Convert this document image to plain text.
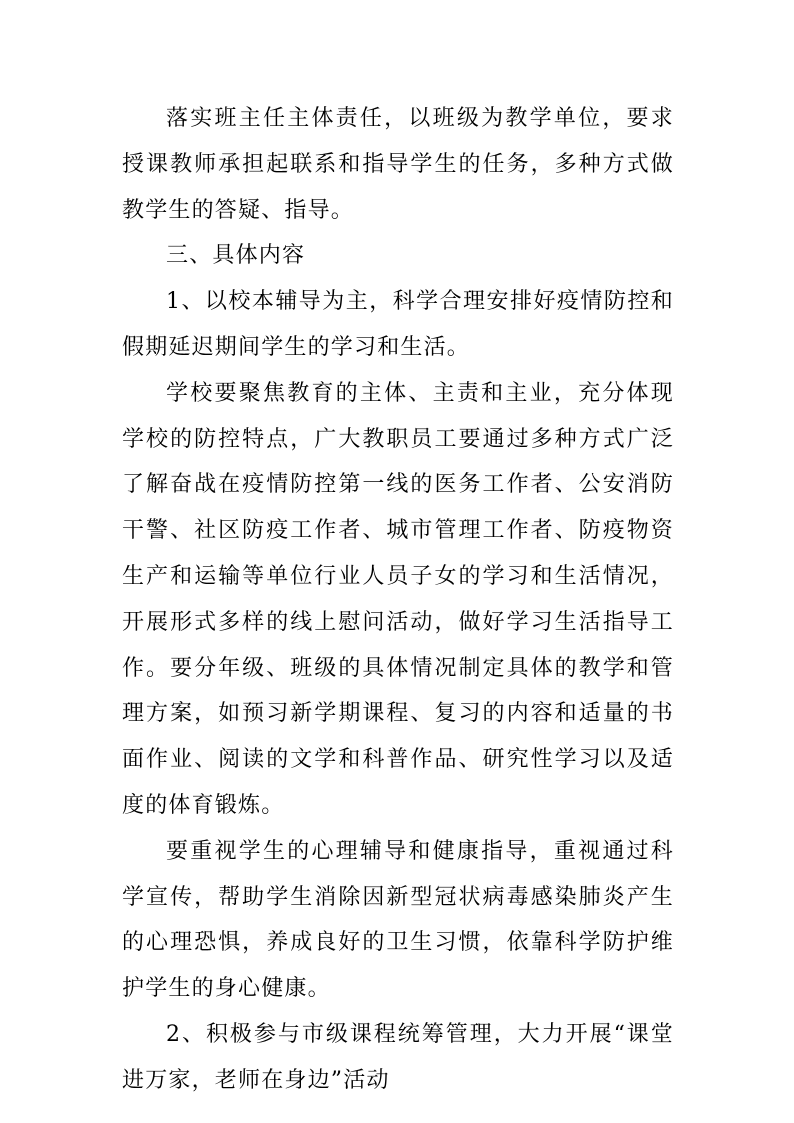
落实班主任主体责任，以班级为教学单位，要求授课教师承担起联系和指导学生的任务，多种方式做教学生的答疑、指导。

三、具体内容

1、以校本辅导为主，科学合理安排好疫情防控和假期延迟期间学生的学习和生活。

学校要聚焦教育的主体、主责和主业，充分体现学校的防控特点，广大教职员工要通过多种方式广泛了解奋战在疫情防控第一线的医务工作者、公安消防干警、社区防疫工作者、城市管理工作者、防疫物资生产和运输等单位行业人员子女的学习和生活情况，开展形式多样的线上慰问活动，做好学习生活指导工作。要分年级、班级的具体情况制定具体的教学和管理方案，如预习新学期课程、复习的内容和适量的书面作业、阅读的文学和科普作品、研究性学习以及适度的体育锻炼。

要重视学生的心理辅导和健康指导，重视通过科学宣传，帮助学生消除因新型冠状病毒感染肺炎产生的心理恐惧，养成良好的卫生习惯，依靠科学防护维护学生的身心健康。

2、积极参与市级课程统筹管理，大力开展“课堂进万家，老师在身边”活动
